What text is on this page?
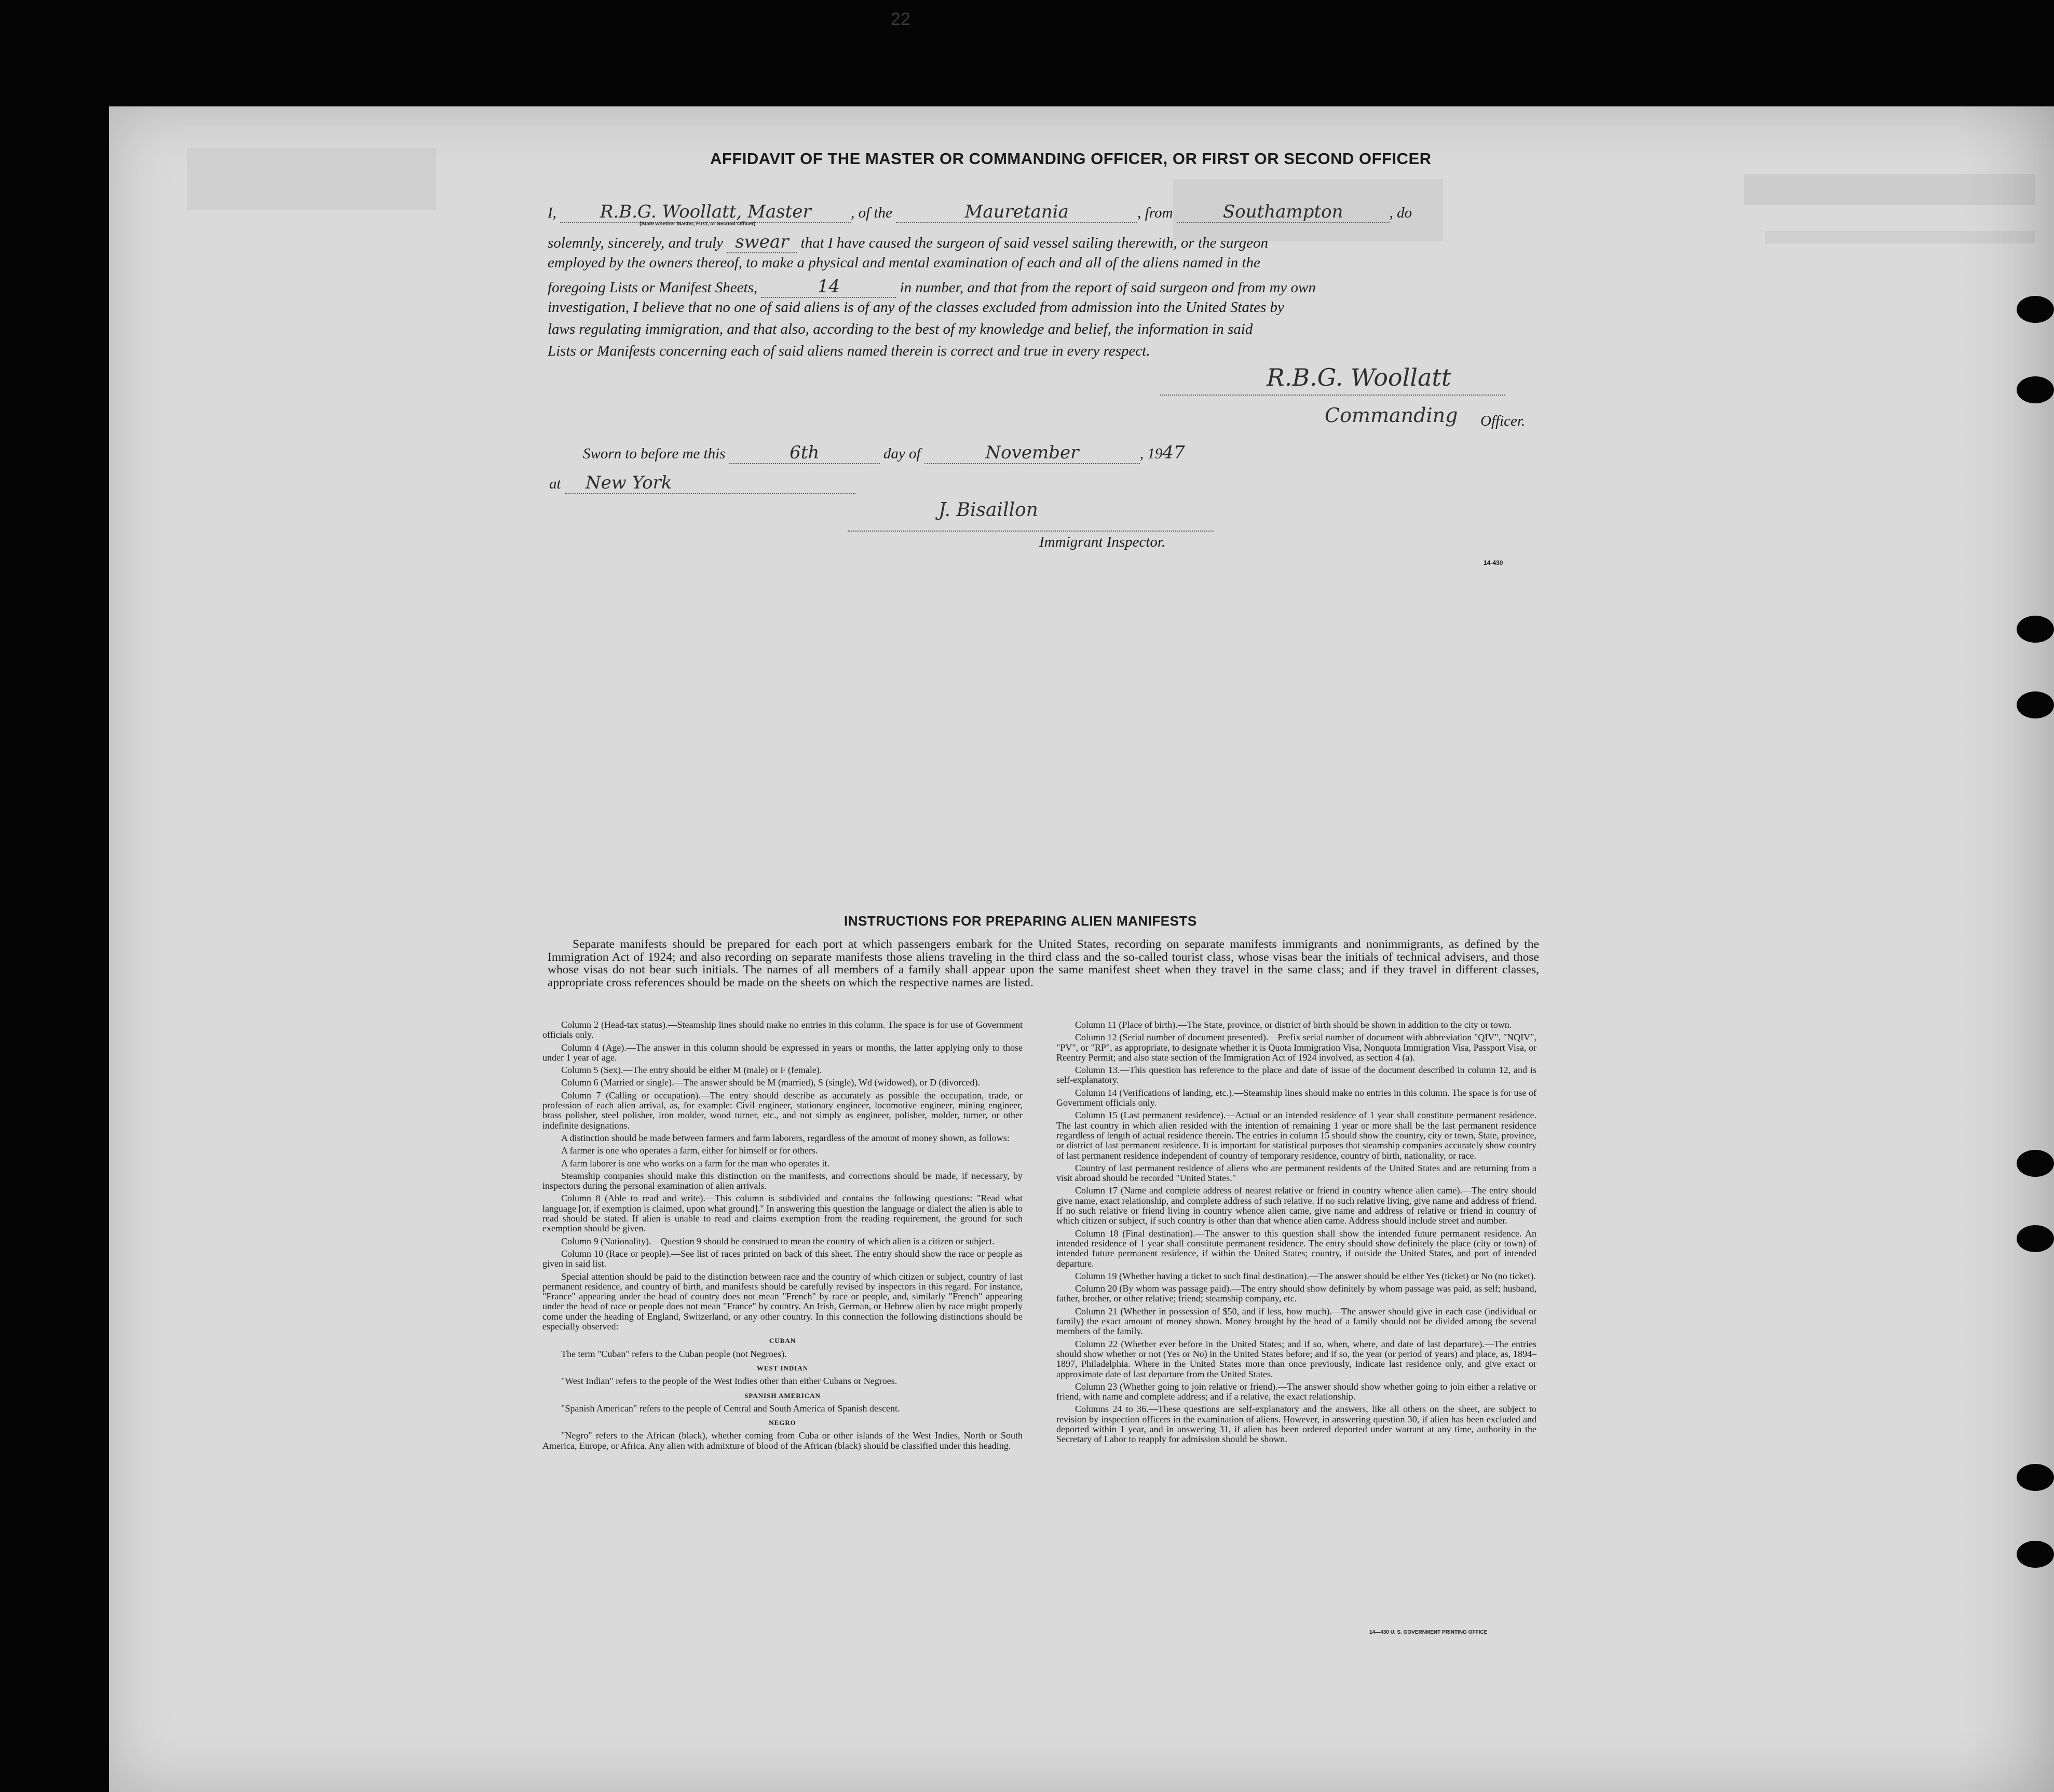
22
AFFIDAVIT OF THE MASTER OR COMMANDING OFFICER, OR FIRST OR SECOND OFFICER
I, R.B.G. Woollatt, Master	, of the	Mauretania	, from	Southampton	, do
(State whether Master, First, or Second Officer)
solemnly, sincerely, and truly swear that I have caused the surgeon of said vessel sailing therewith, or the surgeon
employed by the owners thereof, to make a physical and mental examination of each and all of the aliens named in the
foregoing Lists or Manifest Sheets,	14	in number, and that from the report of said surgeon and from my own
investigation, I believe that no one of said aliens is of any of the classes excluded from admission into the United States by
laws regulating immigration, and that also, according to the best of my knowledge and belief, the information in said
Lists or Manifests concerning each of said aliens named therein is correct and true in every respect.
R.B.G. Woollatt
Commanding Officer.
Sworn to before me this	6th	day of	November	, 1947
at New York
J. Bisaillon
Immigrant Inspector.
14-430
INSTRUCTIONS FOR PREPARING ALIEN MANIFESTS

Separate manifests should be prepared for each port at which passengers embark for the United States, recording on separate manifests immigrants and nonimmigrants, as defined by the Immigration Act of 1924; and also recording on separate manifests those aliens traveling in the third class and the so-called tourist class, whose visas bear the initials of technical advisers, and those whose visas do not bear such initials. The names of all members of a family shall appear upon the same manifest sheet when they travel in the same class; and if they travel in different classes, appropriate cross references should be made on the sheets on which the respective names are listed.

Column 2 (Head-tax status).—Steamship lines should make no entries in this column. The space is for use of Government officials only.

Column 4 (Age).—The answer in this column should be expressed in years or months, the latter applying only to those under 1 year of age.

Column 5 (Sex).—The entry should be either M (male) or F (female).

Column 6 (Married or single).—The answer should be M (married), S (single), Wd (widowed), or D (divorced).

Column 7 (Calling or occupation).—The entry should describe as accurately as possible the occupation, trade, or profession of each alien arrival, as, for example: Civil engineer, stationary engineer, locomotive engineer, mining engineer, brass polisher, steel polisher, iron molder, wood turner, etc., and not simply as engineer, polisher, molder, turner, or other indefinite designations.

A distinction should be made between farmers and farm laborers, regardless of the amount of money shown, as follows:

A farmer is one who operates a farm, either for himself or for others.

A farm laborer is one who works on a farm for the man who operates it.

Steamship companies should make this distinction on the manifests, and corrections should be made, if necessary, by inspectors during the personal examination of alien arrivals.

Column 8 (Able to read and write).—This column is subdivided and contains the following questions: "Read what language [or, if exemption is claimed, upon what ground]." In answering this question the language or dialect the alien is able to read should be stated. If alien is unable to read and claims exemption from the reading requirement, the ground for such exemption should be given.

Column 9 (Nationality).—Question 9 should be construed to mean the country of which alien is a citizen or subject.

Column 10 (Race or people).—See list of races printed on back of this sheet. The entry should show the race or people as given in said list.

Special attention should be paid to the distinction between race and the country of which citizen or subject, country of last permanent residence, and country of birth, and manifests should be carefully revised by inspectors in this regard. For instance, "France" appearing under the head of country does not mean "French" by race or people, and, similarly "French" appearing under the head of race or people does not mean "France" by country. An Irish, German, or Hebrew alien by race might properly come under the heading of England, Switzerland, or any other country. In this connection the following distinctions should be especially observed:

CUBAN

The term "Cuban" refers to the Cuban people (not Negroes).

WEST INDIAN

"West Indian" refers to the people of the West Indies other than either Cubans or Negroes.

SPANISH AMERICAN

"Spanish American" refers to the people of Central and South America of Spanish descent.

NEGRO

"Negro" refers to the African (black), whether coming from Cuba or other islands of the West Indies, North or South America, Europe, or Africa. Any alien with admixture of blood of the African (black) should be classified under this heading.

Column 11 (Place of birth).—The State, province, or district of birth should be shown in addition to the city or town.

Column 12 (Serial number of document presented).—Prefix serial number of document with abbreviation "QIV", "NQIV", "PV", or "RP", as appropriate, to designate whether it is Quota Immigration Visa, Nonquota Immigration Visa, Passport Visa, or Reentry Permit; and also state section of the Immigration Act of 1924 involved, as section 4 (a).

Column 13.—This question has reference to the place and date of issue of the document described in column 12, and is self-explanatory.

Column 14 (Verifications of landing, etc.).—Steamship lines should make no entries in this column. The space is for use of Government officials only.

Column 15 (Last permanent residence).—Actual or an intended residence of 1 year shall constitute permanent residence. The last country in which alien resided with the intention of remaining 1 year or more shall be the last permanent residence regardless of length of actual residence therein. The entries in column 15 should show the country, city or town, State, province, or district of last permanent residence. It is important for statistical purposes that steamship companies accurately show country of last permanent residence independent of country of temporary residence, country of birth, nationality, or race.

Country of last permanent residence of aliens who are permanent residents of the United States and are returning from a visit abroad should be recorded "United States."

Column 17 (Name and complete address of nearest relative or friend in country whence alien came).—The entry should give name, exact relationship, and complete address of such relative. If no such relative living, give name and address of friend. If no such relative or friend living in country whence alien came, give name and address of relative or friend in country of which citizen or subject, if such country is other than that whence alien came. Address should include street and number.

Column 18 (Final destination).—The answer to this question shall show the intended future permanent residence. An intended residence of 1 year shall constitute permanent residence. The entry should show definitely the place (city or town) of intended future permanent residence, if within the United States; country, if outside the United States, and port of intended departure.

Column 19 (Whether having a ticket to such final destination).—The answer should be either Yes (ticket) or No (no ticket).

Column 20 (By whom was passage paid).—The entry should show definitely by whom passage was paid, as self; husband, father, brother, or other relative; friend; steamship company, etc.

Column 21 (Whether in possession of $50, and if less, how much).—The answer should give in each case (individual or family) the exact amount of money shown. Money brought by the head of a family should not be divided among the several members of the family.

Column 22 (Whether ever before in the United States; and if so, when, where, and date of last departure).—The entries should show whether or not (Yes or No) in the United States before; and if so, the year (or period of years) and place, as, 1894–1897, Philadelphia. Where in the United States more than once previously, indicate last residence only, and give exact or approximate date of last departure from the United States.

Column 23 (Whether going to join relative or friend).—The answer should show whether going to join either a relative or friend, with name and complete address; and if a relative, the exact relationship.

Columns 24 to 36.—These questions are self-explanatory and the answers, like all others on the sheet, are subject to revision by inspection officers in the examination of aliens. However, in answering question 30, if alien has been excluded and deported within 1 year, and in answering 31, if alien has been ordered deported under warrant at any time, authority in the Secretary of Labor to reapply for admission should be shown.

14—430 U. S. GOVERNMENT PRINTING OFFICE
